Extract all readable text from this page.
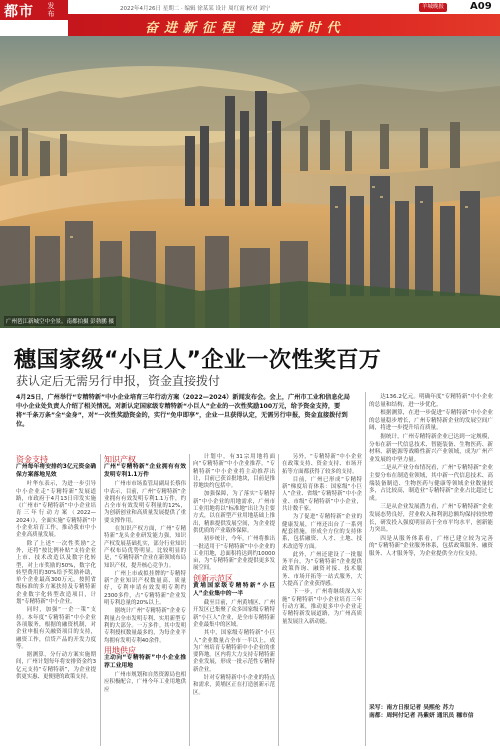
都市	发
布
2022年4月26日 星期二 · 编辑 徐某某 设计 周红霞 校对 刘宁	羊城晚报	A09
奋进新征程 建功新时代
广州琶江新城空中全景。南都拍摄 彭勃鹏 摄
穗国家级“小巨人”企业一次性奖百万
获认定后无需另行申报，资金直接拨付
4月25日，广州举行“专精特新”中小企业培育三年行动方案（2022—2024）新闻发布会。会上，广州市工业和信息化局中小企业处负责人介绍了相关情况。对新认定国家级专精特新“小巨人”企业的一次性奖励100万元，给予资金支持，要将“千条万条”全“金身”，对“一次性奖励资金的，实行“免申即享”，企业一旦获得认定，无需另行申报，资金直接拨付到位。
资金支持
广州每年将安排约3亿元资金确保方案落地见效

叶华东表示，为进一步引导中小企业走“专精特新”发展道路，市政府于4月13日印发实施《广州市“专精特新”中小企业培育三年行动方案（2022—2024）》，全面实施“专精特新”中小企业培育工作，推动我市中小企业高质量发展。

除了上述“一次性奖励”之外，还将“按比例补贴”支持企业上市、技术改造以及数字化转型，对上市奖励的50%，数字化转型费用的30%给予奖励补助，单个企业最高300万元，按照省级标准的多方案扶持及专精特新企业数字化转型改造项目，计划“专精特新”中小企业。

同时，加强“一企一策”支持。本年度“专精特新”中小企业各项服务，根据的融资机制，对企业申报有关融资项目的支持，融资工作，信贷产品的开发力度等。

据测算，分行动方案实施期间，广州计划每年将安排资金约3亿元支持“专精特新”，为企业提供更实惠、更便捷的政策支持。

知识产权
广州“专精特新”企业拥有有效发明专利1.1万件

广州市市场监管局副局长蔡伟中表示，目前，广州“专精特新”企业拥有有效发明专利1.1万件，约占全市有效发明专利量的12%，为创新创业和高质量发展提供了重要支撑作用。

在知识产权方面，广州“专精特新”龙头企业研发能力强，知识产权发展基础扎实，部分行业知识产权布局优势明显。比较明显的是，“专精特新”企业在新领域布局知识产权，提升核心竞争力。

广州上市或拟挂牌的“专精特新”企业知识产权数量高、质量好，专利申请有效发明专利约2300多件，占“专精特新”企业发明专利总量的20%以上。

据统计广州“专精特新”企业专利量占全市发明专利、实用新型专利的大部分。一万多件。其中发明专利授权数量最多的，为每企业平均拥有发明专利40余件。

用地供应
主动向“专精特新”中小企业推荐工业用地

广州市规划和自然资源局也相应积极配合，广州今年工业用地供应

计划中，有31宗用地将面向“专精特新”中小企业推荐。“专精特新”中小企业将主动推荐出让，目前已获首批地块，目前是推荐地块约包括中。

加强保障，为了落实“专精特新”中小企业的用地需求，广州市工业用地将以“标准地”出让为主要方式，以在新型产业用地基础上推出，精准提供发展空间，为企业提供优质的产业载体保障。

初步统计，今年，广州将推出一批适用于“专精特新”中小企业的工业用地，总面积将达到约10000亩，为“专精特新”企业提供更多发展空间。

创新示范区
黄埔国家级专精特新“小巨人”企业集中的一半

截至目前，广州黄埔区、广州开发区已集聚了众多国家级专精特新“小巨人”企业，是全市专精特新企业最集中的区域。

其中，国家级专精特新“小巨人”企业数量占全市一半以上，成为广州培育专精特新中小企业的重要阵地。区内将大力支持专精特新企业发展，形成一批示范性专精特新企业。

针对专精特新中小企业的特点和需求，黄埔区正在打造创新示范区。

另外，“专精特新”中小企业在政策支持、资金支持、市场开拓等方面都获得了较多的支持。

目前，广州已形成“专精特新”梯度培育体系：国家级“小巨人”企业、省级“专精特新”中小企业、市级“专精特新”中小企业，共计数千家。

为了促进“专精特新”企业的健康发展，广州还出台了一系列配套措施，形成全方位的支持体系，包括融资、人才、土地、技术改造等方面。

此外，广州还建设了一批服务平台，为“专精特新”企业提供政策咨询、融资对接、技术服务、市场开拓等一站式服务，大大提高了企业获得感。

下一步，广州将继续深入实施“专精特新”中小企业培育三年行动方案，推动更多中小企业走专精特新发展道路，为广州高质量发展注入新动能。

达136.2亿元。明确年度“专精特新”中小企业的总量和结构，进一步优化。

根据测算，在进一步促进“专精特新”中小企业的总量稳步增长，广州专精特新企业的发展空间广阔，将进一步提升培育质量。

据统计，广州专精特新企业已达到一定规模，分布在新一代信息技术、智能装备、生物医药、新材料、新能源等战略性新兴产业领域，成为广州产业发展的中坚力量。

二是从产业分布情况看，广州“专精特新”企业主要分布在制造业领域，其中新一代信息技术、高端装备制造、生物医药与健康等领域企业数量较多，占比较高，制造业“专精特新”企业占比超过七成。

三是从企业发展潜力看，广州“专精特新”企业发展态势良好，营业收入和利润总额均保持较快增长，研发投入强度明显高于全市平均水平，创新能力突出。

四是从服务体系看，广州已建立较为完善的“专精特新”企业服务体系，包括政策服务、融资服务、人才服务等，为企业提供全方位支持。

采写：南方日报记者 吴熙伦 苏力
南都：周轲付记者 冯紫妍 通讯员 穗市信
